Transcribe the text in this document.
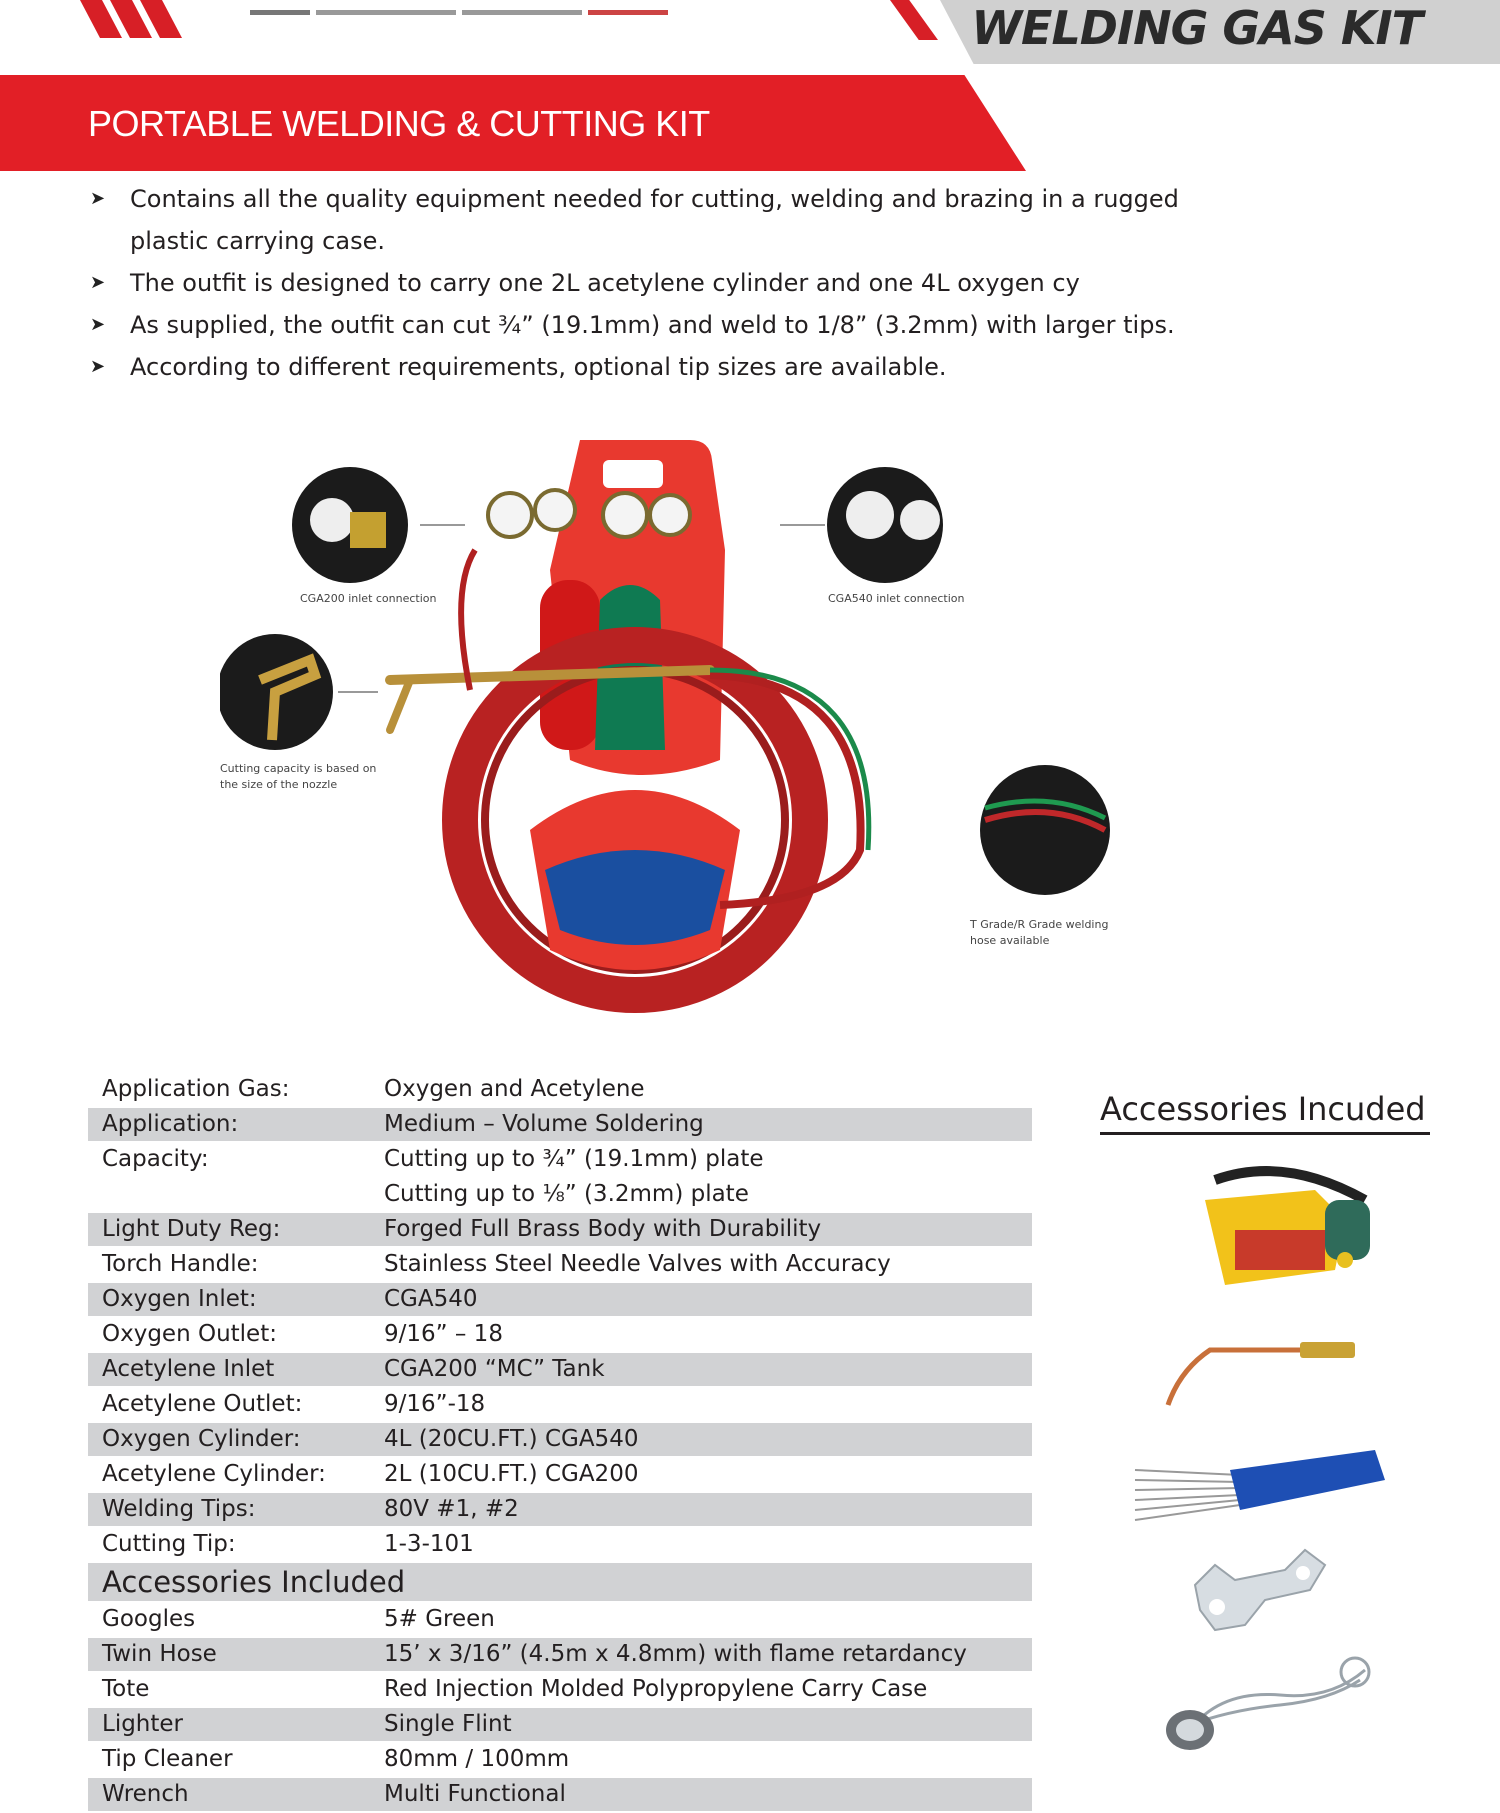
WELDING GAS KIT
PORTABLE WELDING & CUTTING KIT
➤ Contains all the quality equipment needed for cutting, welding and brazing in a rugged plastic carrying case.
➤ The outfit is designed to carry one 2L acetylene cylinder and one 4L oxygen cy
➤ As supplied, the outfit can cut ¾” (19.1mm) and weld to 1/8” (3.2mm) with larger tips.
➤ According to different requirements, optional tip sizes are available.
CGA200 inlet connection	CGA540 inlet connection
Cutting capacity is based on
the size of the nozzle
T Grade/R Grade welding
hose available
Application Gas:	Oxygen and Acetylene
Application:	Medium – Volume Soldering
Capacity:	Cutting up to ¾” (19.1mm) plate
	Cutting up to ⅛” (3.2mm) plate
Light Duty Reg:	Forged Full Brass Body with Durability
Torch Handle:	Stainless Steel Needle Valves with Accuracy
Oxygen Inlet:	CGA540
Oxygen Outlet:	9/16” – 18
Acetylene Inlet	CGA200 “MC” Tank
Acetylene Outlet:	9/16”-18
Oxygen Cylinder:	4L (20CU.FT.) CGA540
Acetylene Cylinder:	2L (10CU.FT.) CGA200
Welding Tips:	80V #1, #2
Cutting Tip:	1-3-101
Accessories Included	
Googles	5# Green
Twin Hose	15’ x 3/16” (4.5m x 4.8mm) with flame retardancy
Tote	Red Injection Molded Polypropylene Carry Case
Lighter	Single Flint
Tip Cleaner	80mm / 100mm
Wrench	Multi Functional
Accessories Incuded
